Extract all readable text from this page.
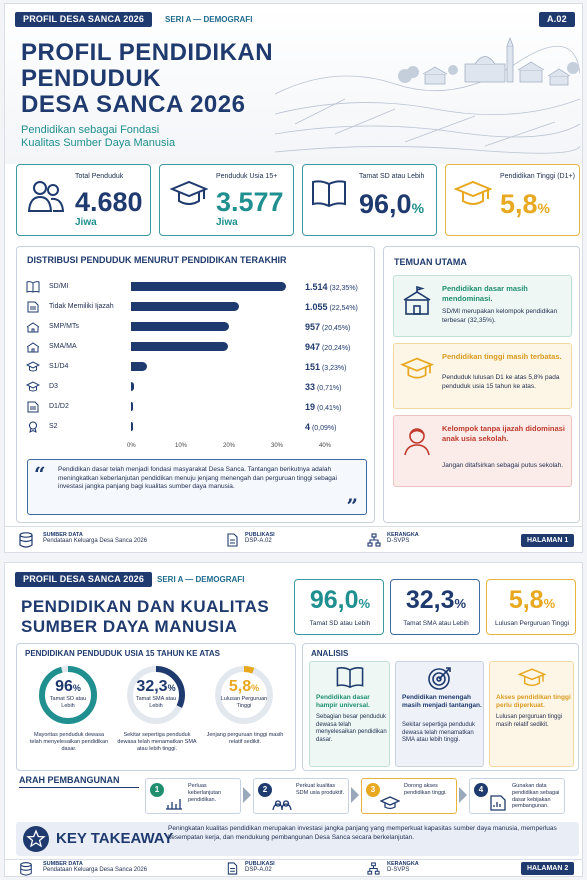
PROFIL DESA SANCA 2026	SERI A — DEMOGRAFI	A.02
PROFIL PENDIDIKAN
PENDUDUK
DESA SANCA 2026
Pendidikan sebagai Fondasi
Kualitas Sumber Daya Manusia
Total Penduduk
4.680
Jiwa
Penduduk Usia 15+
3.577
Jiwa
Tamat SD atau Lebih
96,0%
Pendidikan Tinggi (D1+)
5,8%
DISTRIBUSI PENDUDUK MENURUT PENDIDIKAN TERAKHIR
SD/MI	1.514 (32,35%)
Tidak Memiliki Ijazah	1.055 (22,54%)
SMP/MTs	957 (20,45%)
SMA/MA	947 (20,24%)
S1/D4	151 (3,23%)
D3	33 (0,71%)
D1/D2	19 (0,41%)
S2	4 (0,09%)
0%	10%	20%	30%	40%
“ Pendidikan dasar telah menjadi fondasi masyarakat Desa Sanca. Tantangan berikutnya adalah meningkatkan keberlanjutan pendidikan menuju jenjang menengah dan perguruan tinggi sebagai investasi jangka panjang bagi kualitas sumber daya manusia.
”
TEMUAN UTAMA
Pendidikan dasar masih mendominasi.
SD/MI merupakan kelompok pendidikan terbesar (32,35%).
Pendidikan tinggi masih terbatas.
Penduduk lulusan D1 ke atas 5,8% pada penduduk usia 15 tahun ke atas.
Kelompok tanpa ijazah didominasi anak usia sekolah.
Jangan ditafsirkan sebagai putus sekolah.
SUMBER DATA
Pendataan Keluarga Desa Sanca 2026
PUBLIKASI
DSP-A.02
KERANGKA
D-SVPS	HALAMAN 1
PROFIL DESA SANCA 2026	SERI A — DEMOGRAFI
PENDIDIKAN DAN KUALITAS
SUMBER DAYA MANUSIA
96,0%
Tamat SD atau Lebih
32,3%
Tamat SMA atau Lebih
5,8%
Lulusan Perguruan Tinggi
PENDIDIKAN PENDUDUK USIA 15 TAHUN KE ATAS
96%
Tamat SD atau Lebih
Mayoritas penduduk dewasa telah menyelesaikan pendidikan dasar.
32,3%
Tamat SMA atau Lebih
Sekitar sepertiga penduduk dewasa telah menamatkan SMA atau lebih tinggi.
5,8%
Lulusan Perguruan Tinggi
Jenjang perguruan tinggi masih relatif sedikit.
ANALISIS
Pendidikan dasar hampir universal.
Sebagian besar penduduk dewasa telah menyelesaikan pendidikan dasar.
Pendidikan menengah masih menjadi tantangan.
Sekitar sepertiga penduduk dewasa telah menamatkan SMA atau lebih tinggi.
Akses pendidikan tinggi perlu diperkuat.
Lulusan perguruan tinggi masih relatif sedikit.
ARAH PEMBANGUNAN
1	Perluas keberlanjutan pendidikan.
2	Perkuat kualitas SDM usia produktif.	3	Dorong akses pendidikan tinggi.	4	Gunakan data pendidikan sebagai dasar kebijakan pembangunan.
KEY TAKEAWAY
Peningkatan kualitas pendidikan merupakan investasi jangka panjang yang memperkuat kapasitas sumber daya manusia, memperluas kesempatan kerja, dan mendukung pembangunan Desa Sanca secara berkelanjutan.
SUMBER DATA
Pendataan Keluarga Desa Sanca 2026
PUBLIKASI
DSP-A.02
KERANGKA
D-SVPS	HALAMAN 2
